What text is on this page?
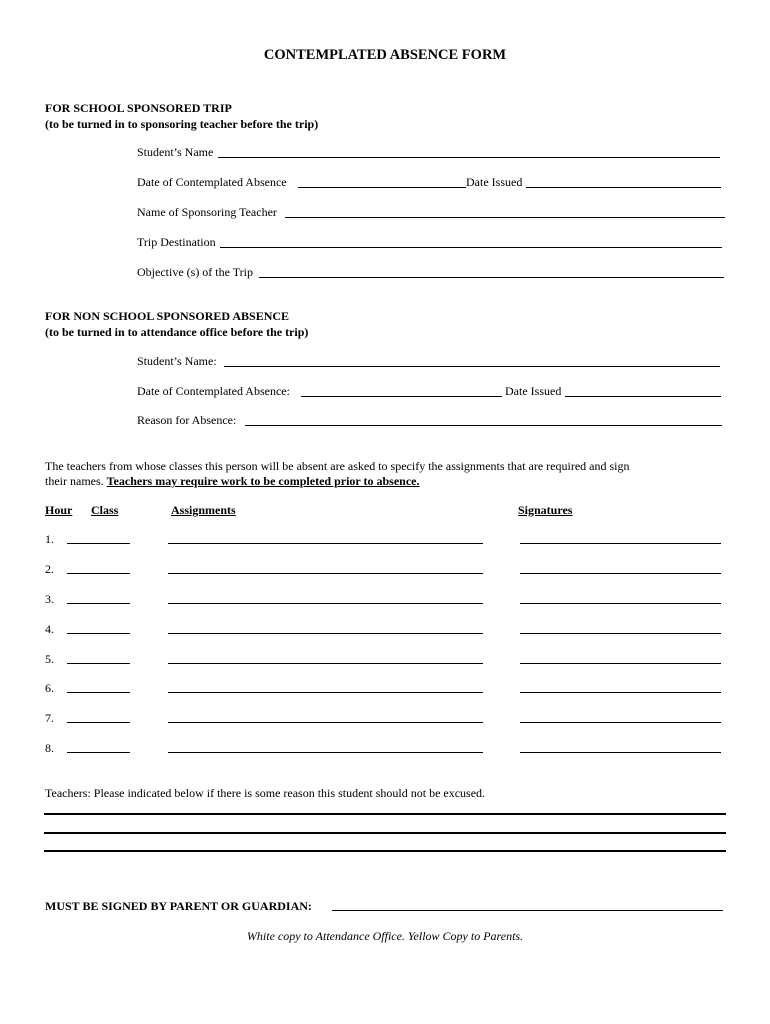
CONTEMPLATED ABSENCE FORM
FOR SCHOOL SPONSORED TRIP
(to be turned in to sponsoring teacher before the trip)
Student’s Name
Date of Contemplated Absence	Date Issued
Name of Sponsoring Teacher
Trip Destination
Objective (s) of the Trip
FOR NON SCHOOL SPONSORED ABSENCE
(to be turned in to attendance office before the trip)
Student’s Name:
Date of Contemplated Absence:	Date Issued
Reason for Absence:
The teachers from whose classes this person will be absent are asked to specify the assignments that are required and sign
their names. Teachers may require work to be completed prior to absence.
Hour Class	Assignments	Signatures
1.
2.
3.
4.
5.
6.
7.
8.
Teachers: Please indicated below if there is some reason this student should not be excused.
MUST BE SIGNED BY PARENT OR GUARDIAN:
White copy to Attendance Office. Yellow Copy to Parents.
